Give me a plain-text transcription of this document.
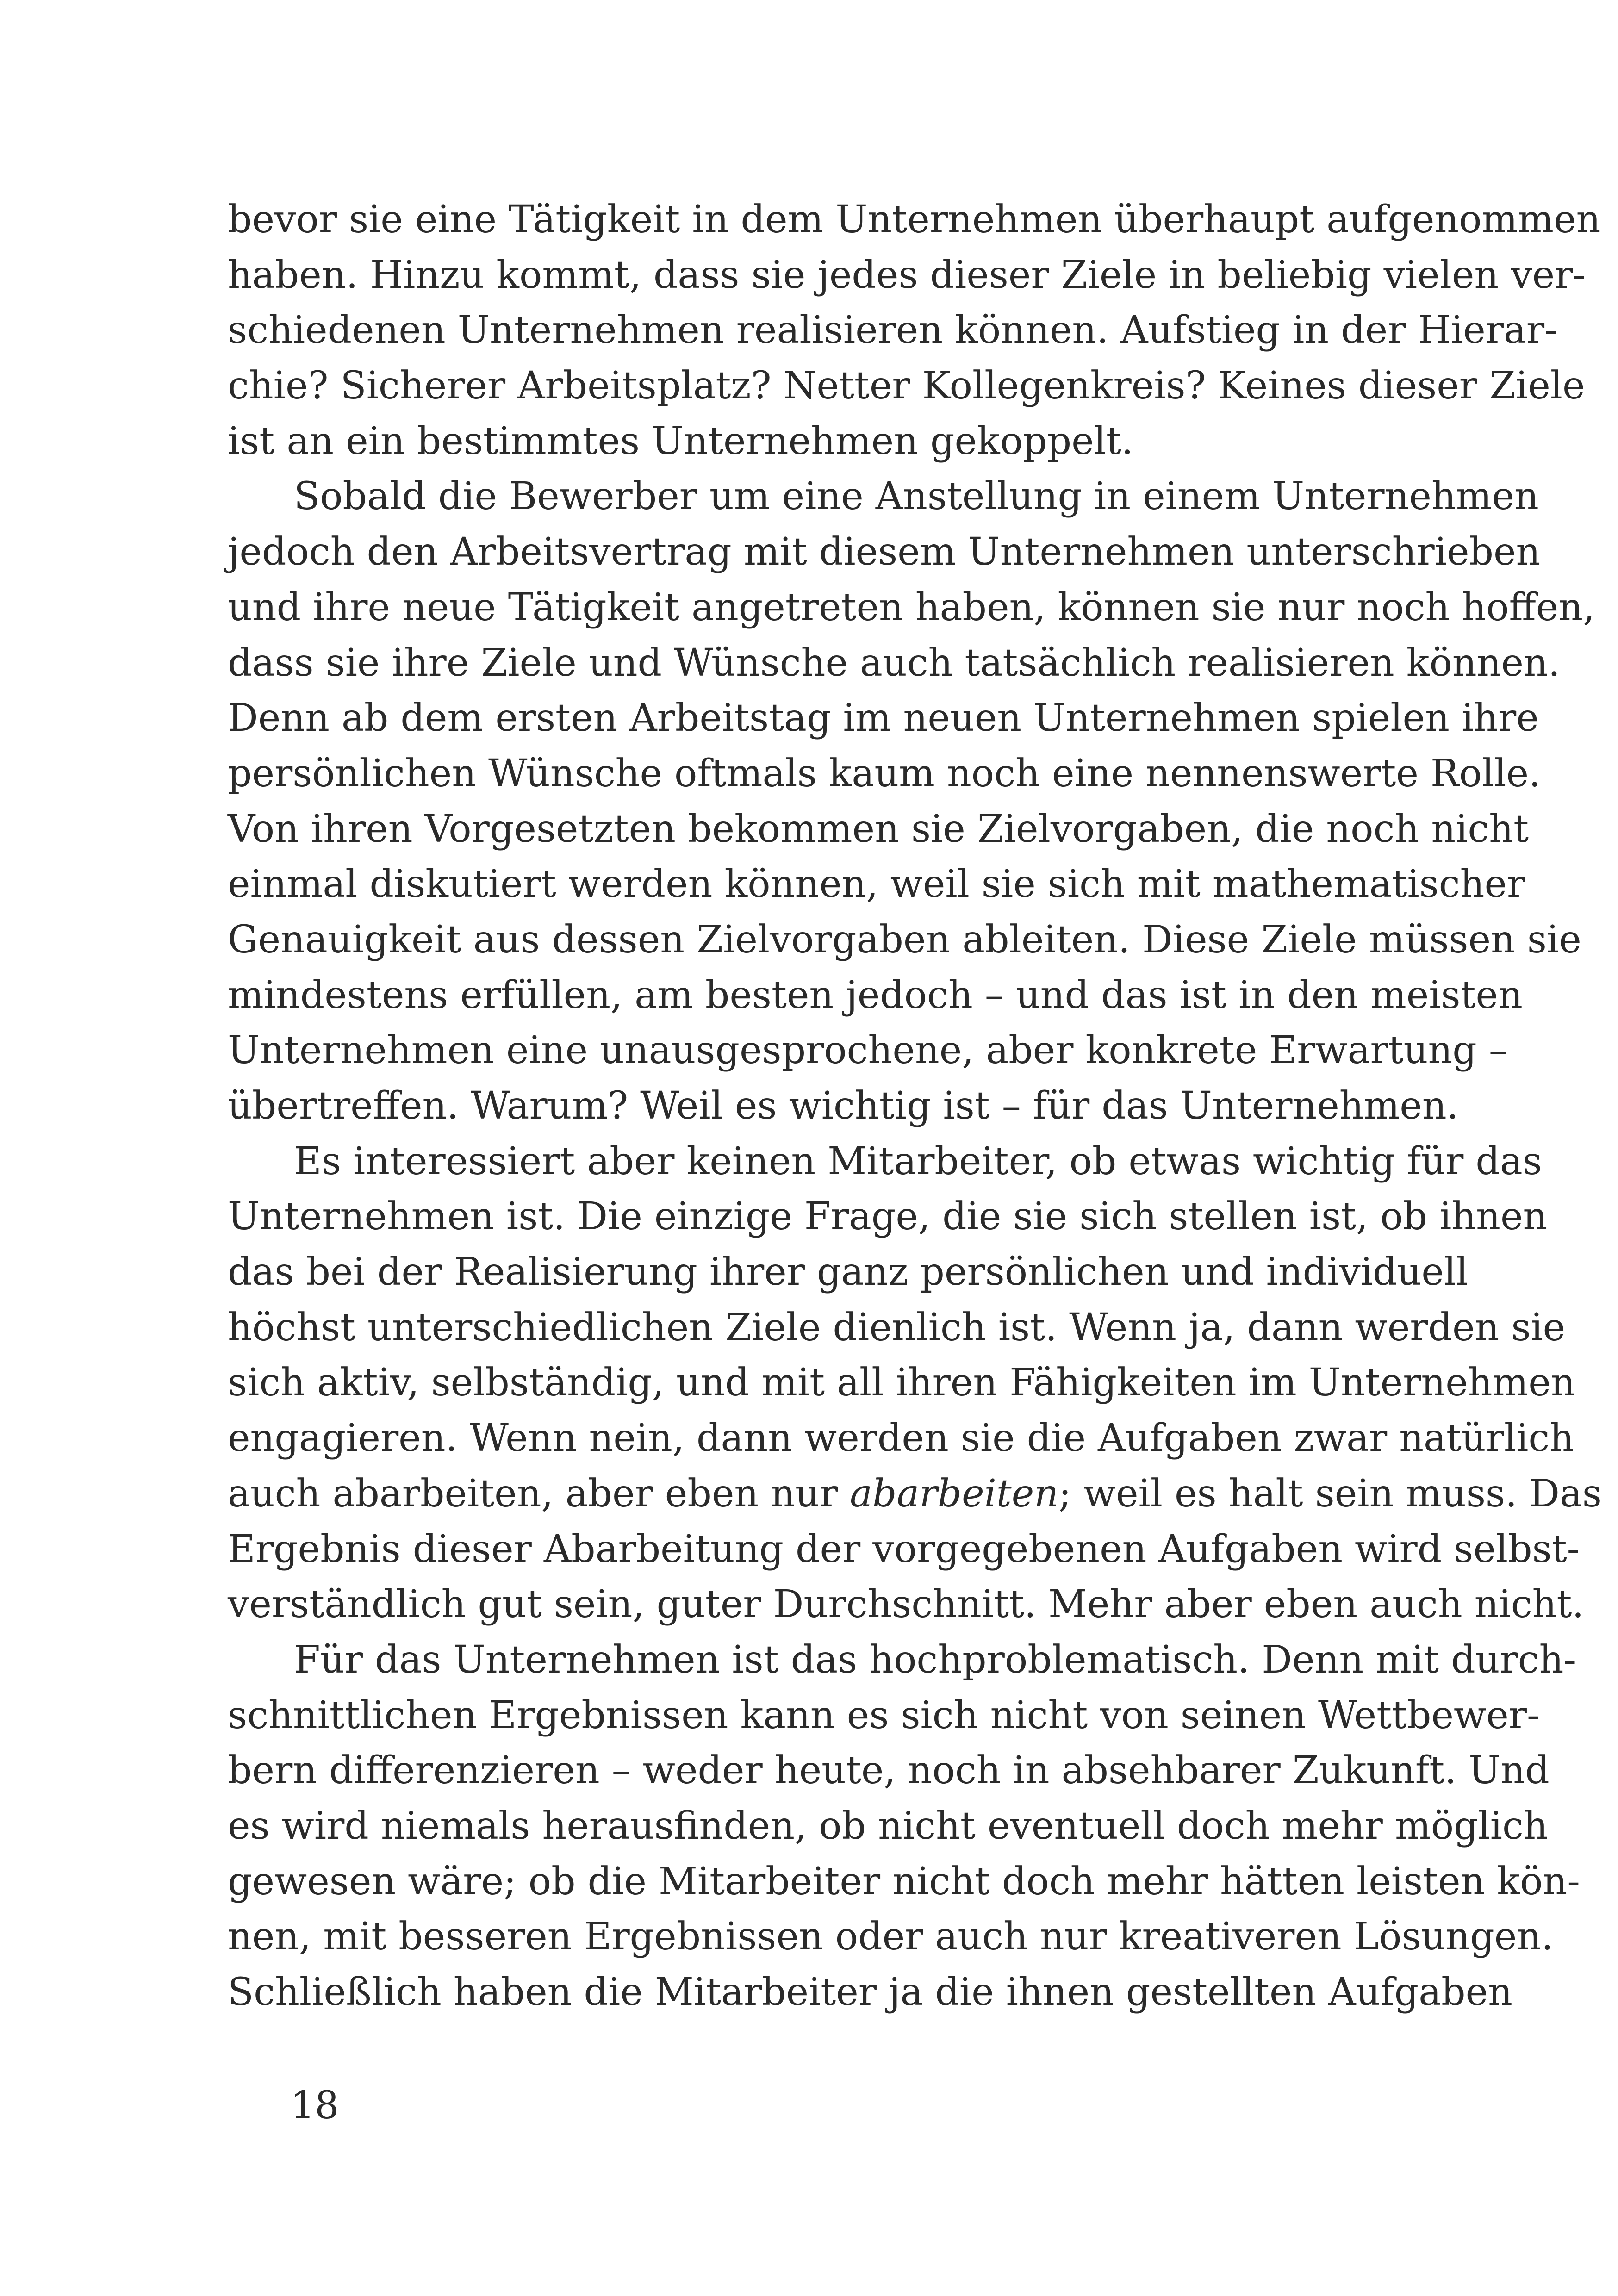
bevor sie eine Tätigkeit in dem Unternehmen überhaupt aufgenommen
haben. Hinzu kommt, dass sie jedes dieser Ziele in beliebig vielen ver-
schiedenen Unternehmen realisieren können. Aufstieg in der Hierar-
chie? Sicherer Arbeitsplatz? Netter Kollegenkreis? Keines dieser Ziele
ist an ein bestimmtes Unternehmen gekoppelt.
Sobald die Bewerber um eine Anstellung in einem Unternehmen
jedoch den Arbeitsvertrag mit diesem Unternehmen unterschrieben
und ihre neue Tätigkeit angetreten haben, können sie nur noch hoffen,
dass sie ihre Ziele und Wünsche auch tatsächlich realisieren können.
Denn ab dem ersten Arbeitstag im neuen Unternehmen spielen ihre
persönlichen Wünsche oftmals kaum noch eine nennenswerte Rolle.
Von ihren Vorgesetzten bekommen sie Zielvorgaben, die noch nicht
einmal diskutiert werden können, weil sie sich mit mathematischer
Genauigkeit aus dessen Zielvorgaben ableiten. Diese Ziele müssen sie
mindestens erfüllen, am besten jedoch – und das ist in den meisten
Unternehmen eine unausgesprochene, aber konkrete Erwartung –
übertreffen. Warum? Weil es wichtig ist – für das Unternehmen.
Es interessiert aber keinen Mitarbeiter, ob etwas wichtig für das
Unternehmen ist. Die einzige Frage, die sie sich stellen ist, ob ihnen
das bei der Realisierung ihrer ganz persönlichen und individuell
höchst unterschiedlichen Ziele dienlich ist. Wenn ja, dann werden sie
sich aktiv, selbständig, und mit all ihren Fähigkeiten im Unternehmen
engagieren. Wenn nein, dann werden sie die Aufgaben zwar natürlich
auch abarbeiten, aber eben nur abarbeiten; weil es halt sein muss. Das
Ergebnis dieser Abarbeitung der vorgegebenen Aufgaben wird selbst-
verständlich gut sein, guter Durchschnitt. Mehr aber eben auch nicht.
Für das Unternehmen ist das hochproblematisch. Denn mit durch-
schnittlichen Ergebnissen kann es sich nicht von seinen Wettbewer-
bern differenzieren – weder heute, noch in absehbarer Zukunft. Und
es wird niemals herausfinden, ob nicht eventuell doch mehr möglich
gewesen wäre; ob die Mitarbeiter nicht doch mehr hätten leisten kön-
nen, mit besseren Ergebnissen oder auch nur kreativeren Lösungen.
Schließlich haben die Mitarbeiter ja die ihnen gestellten Aufgaben
18
